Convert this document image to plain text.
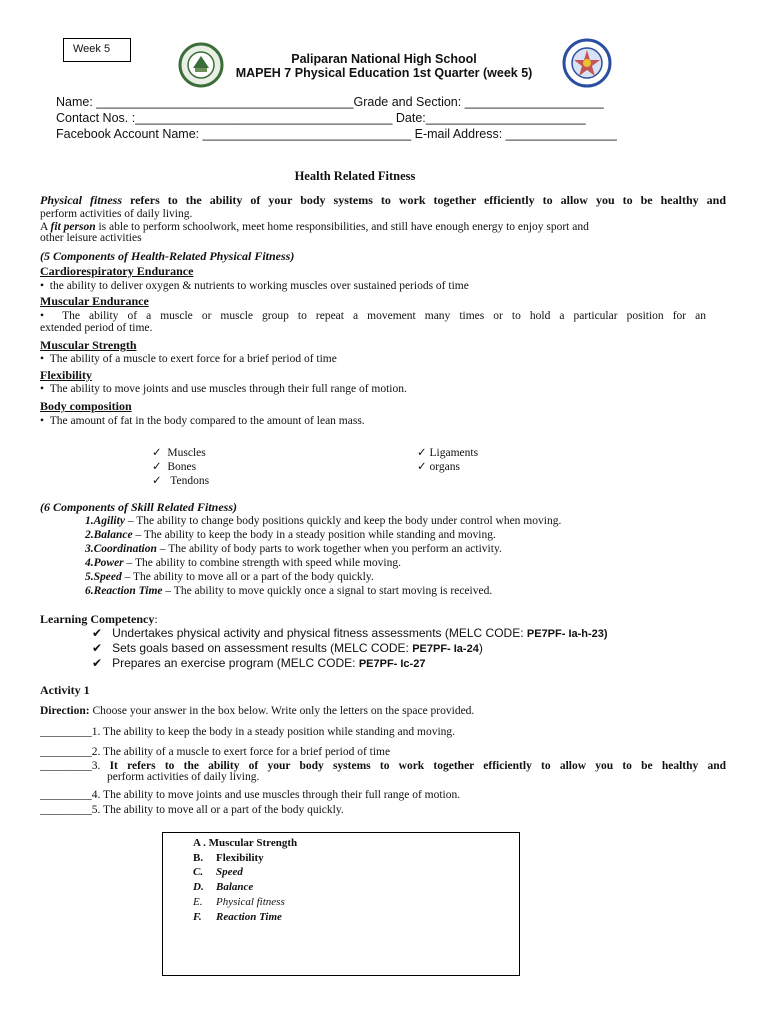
Week 5
Paliparan National High School
MAPEH 7 Physical Education 1st Quarter (week 5)
Name: _____________________________________Grade and Section: ____________________
Contact Nos. :_____________________________________ Date:_______________________
Facebook Account Name: ______________________________ E-mail Address: ________________
Health Related Fitness
Physical fitness refers to the ability of your body systems to work together efficiently to allow you to be healthy and
perform activities of daily living.
A fit person is able to perform schoolwork, meet home responsibilities, and still have enough energy to enjoy sport and
other leisure activities
(5 Components of Health-Related Physical Fitness)
Cardiorespiratory Endurance
•  the ability to deliver oxygen & nutrients to working muscles over sustained periods of time
Muscular Endurance
•  The ability of a muscle or muscle group to repeat a movement many times or to hold a particular position for an
extended period of time.
Muscular Strength
•  The ability of a muscle to exert force for a brief period of time
Flexibility
•  The ability to move joints and use muscles through their full range of motion.
Body composition
•  The amount of fat in the body compared to the amount of lean mass.
✓  Muscles
✓  Bones
✓   Tendons
✓ Ligaments
✓ organs
(6 Components of Skill Related Fitness)
1.Agility – The ability to change body positions quickly and keep the body under control when moving.
2.Balance – The ability to keep the body in a steady position while standing and moving.
3.Coordination – The ability of body parts to work together when you perform an activity.
4.Power – The ability to combine strength with speed while moving.
5.Speed – The ability to move all or a part of the body quickly.
6.Reaction Time – The ability to move quickly once a signal to start moving is received.
Learning Competency:
✔   Undertakes physical activity and physical fitness assessments (MELC CODE: PE7PF- Ia-h-23)
✔   Sets goals based on assessment results (MELC CODE: PE7PF- Ia-24)
✔   Prepares an exercise program (MELC CODE: PE7PF- Ic-27
Activity 1
Direction: Choose your answer in the box below. Write only the letters on the space provided.
_________1. The ability to keep the body in a steady position while standing and moving.
_________2. The ability of a muscle to exert force for a brief period of time
_________3. It refers to the ability of your body systems to work together efficiently to allow you to be healthy and
perform activities of daily living.
_________4. The ability to move joints and use muscles through their full range of motion.
_________5. The ability to move all or a part of the body quickly.
A . Muscular Strength
B. Flexibility
C. Speed
D. Balance
E. Physical fitness
F. Reaction Time
